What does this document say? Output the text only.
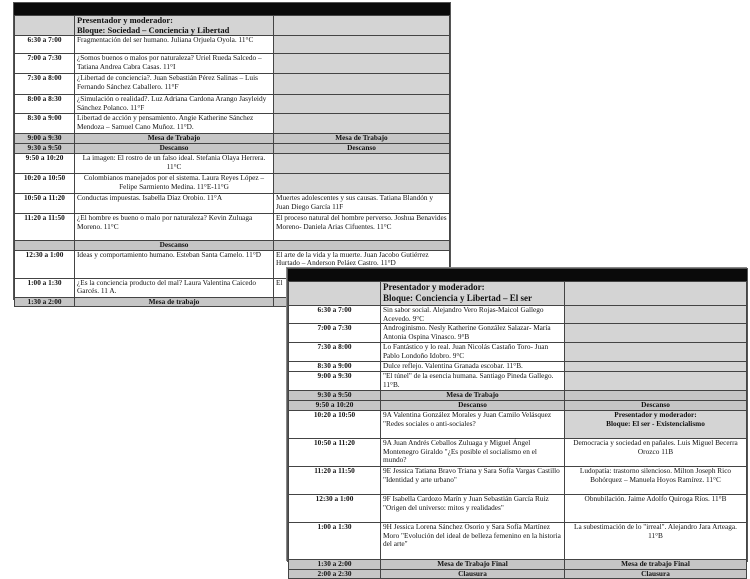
	Presentador y moderador:
Bloque: Sociedad – Conciencia y Libertad	

6:30 a 7:00	Fragmentación del ser humano. Juliana Orjuela Oyola. 11°C	
7:00 a 7:30	¿Somos buenos o malos por naturaleza? Uriel Rueda Salcedo – Tatiana Andrea Cabra Casas. 11°I	
7:30 a 8:00	¿Libertad de conciencia?. Juan Sebastián Pérez Salinas – Luis Fernando Sánchez Caballero. 11°F	
8:00 a 8:30	¿Simulación o realidad?. Luz Adriana Cardona Arango Jasyleidy Sánchez Polanco. 11°F	
8:30 a 9:00	Libertad de acción y pensamiento. Angie Katherine Sánchez Mendoza – Samuel Cano Muñoz. 11°D.	
9:00 a 9:30	Mesa de Trabajo	Mesa de Trabajo
9:30 a 9:50	Descanso	Descanso
9:50 a 10:20	La imagen: El rostro de un falso ideal. Stefania Olaya Herrera. 11°C	
10:20 a 10:50	Colombianos manejados por el sistema. Laura Reyes López – Felipe Sarmiento Medina. 11°E-11°G	
10:50 a 11:20	Conductas impuestas. Isabella Díaz Orobio. 11°A	Muertes adolescentes y sus causas. Tatiana Blandón y Juan Diego García 11F
11:20 a 11:50	¿El hombre es bueno o malo por naturaleza? Kevin Zuluaga Moreno. 11°C	El proceso natural del hombre perverso. Joshua Benavides Moreno- Daniela Arias Cifuentes. 11°C
	Descanso	
12:30 a 1:00	Ideas y comportamiento humano. Esteban Santa Camelo. 11°D	El arte de la vida y la muerte. Juan Jacobo Gutiérrez Hurtado – Anderson Peláez Castro. 11°D
1:00 a 1:30	¿Es la conciencia producto del mal? Laura Valentina Caicedo Garcés. 11 A.	El
1:30 a 2:00	Mesa de trabajo	

	Presentador y moderador:
Bloque: Conciencia y Libertad – El ser	

6:30 a 7:00	Sin sabor social. Alejandro Vero Rojas-Maicol Gallego Acevedo. 9°C	
7:00 a 7:30	Androginismo. Nesly Katherine González Salazar- María Antonia Ospina Vinasco. 9°B	
7:30 a 8:00	Lo Fantástico y lo real. Juan Nicolás Castaño Toro- Juan Pablo Londoño Idobro. 9°C	
8:30 a 9:00	Dulce reflejo. Valentina Granada escobar. 11°B.	
9:00 a 9:30	"El túnel" de la esencia humana. Santiago Pineda Gallego. 11°B.	
9:30 a 9:50	Mesa de Trabajo	
9:50 a 10:20	Descanso	Descanso
10:20 a 10:50	9A Valentina González Morales y Juan Camilo Velásquez "Redes sociales o anti-sociales?	Presentador y moderador:
Bloque: El ser - Existencialismo

10:50 a 11:20	9A Juan Andrés Ceballos Zuluaga y Miguel Ángel Montenegro Giraldo "¿Es posible el socialismo en el mundo?	Democracia y sociedad en pañales. Luis Miguel Becerra Orozco 11B
11:20 a 11:50	9E Jessica Tatiana Bravo Triana y Sara Sofía Vargas Castillo "Identidad y arte urbano"	Ludopatía: trastorno silencioso. Milton Joseph Rico Bohórquez – Manuela Hoyos Ramírez. 11°C
12:30 a 1:00	9F Isabella Cardozo Marín y Juan Sebastián García Ruiz "Origen del universo: mitos y realidades"	Obnubilación. Jaime Adolfo Quiroga Ríos. 11°B
1:00 a 1:30	9H Jessica Lorena Sánchez Osorio y Sara Sofía Martínez Moro "Evolución del ideal de belleza femenino en la historia del arte"	La subestimación de lo "irreal". Alejandro Jara Arteaga. 11°B
1:30 a 2:00	Mesa de Trabajo Final	Mesa de trabajo Final
2:00 a 2:30	Clausura	Clausura
